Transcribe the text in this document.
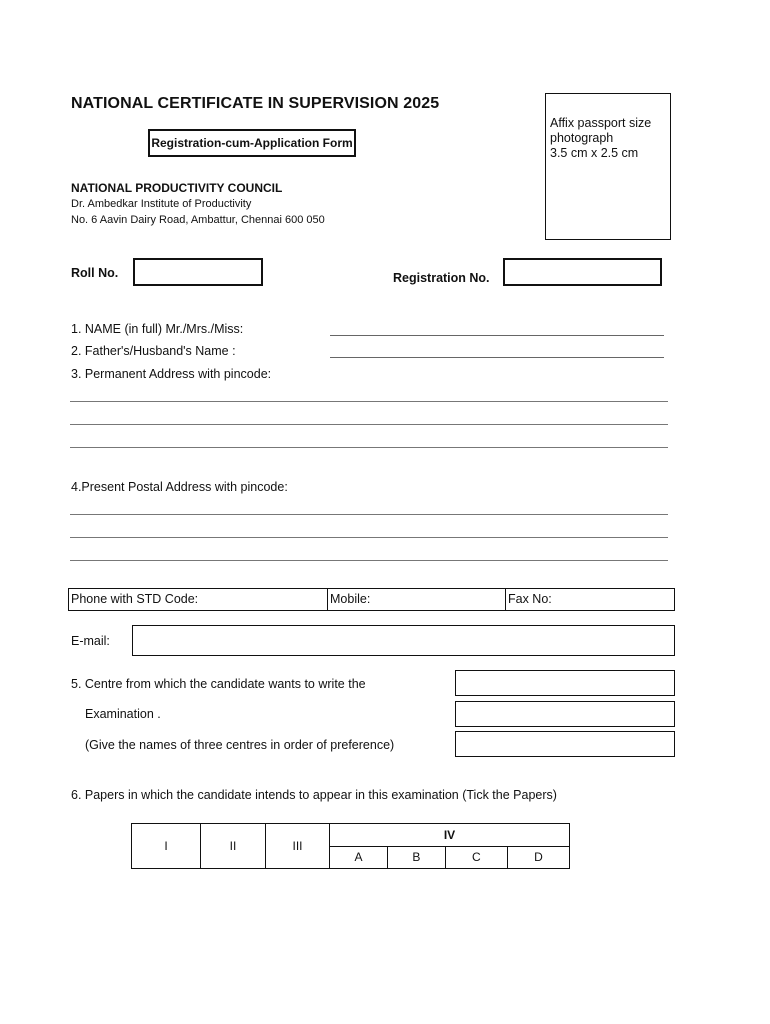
NATIONAL CERTIFICATE IN SUPERVISION 2025
Registration-cum-Application Form
Affix passport size
photograph
3.5 cm x 2.5 cm
NATIONAL PRODUCTIVITY COUNCIL
Dr. Ambedkar Institute of Productivity
No. 6 Aavin Dairy Road, Ambattur, Chennai 600 050
Roll No.	Registration No.
1. NAME (in full) Mr./Mrs./Miss:
2. Father's/Husband's Name :
3. Permanent Address with pincode:
4.Present Postal Address with pincode:
Phone with STD Code:	Mobile:	Fax No:
E-mail:
5. Centre from which the candidate wants to write the
Examination .
(Give the names of three centres in order of preference)
6. Papers in which the candidate intends to appear in this examination (Tick the Papers)
I	II	III	IV			
			A	B	C	D
